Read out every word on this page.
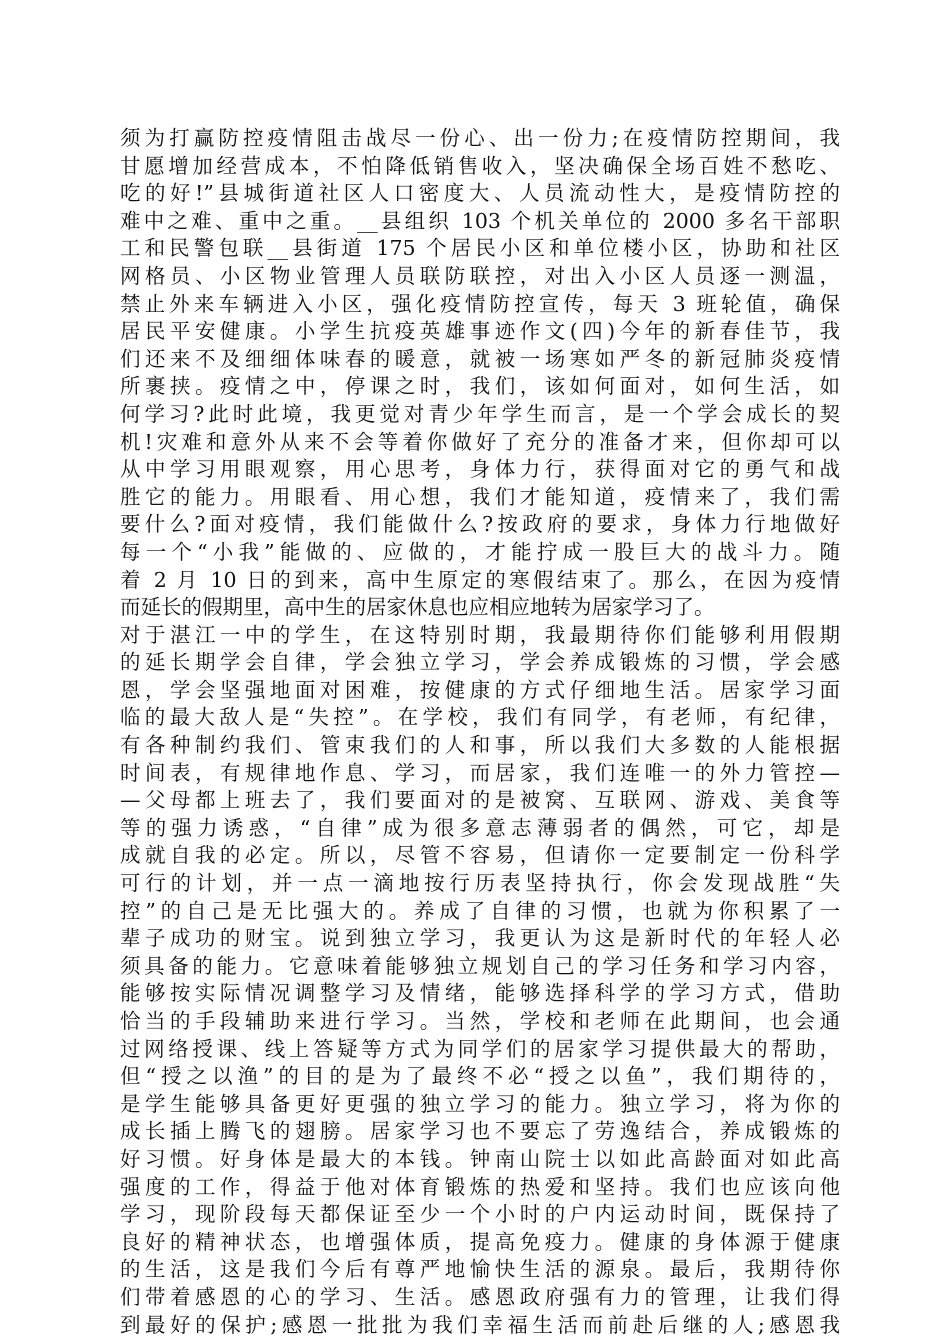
须为打赢防控疫情阻击战尽一份心、出一份力;在疫情防控期间，我
甘愿增加经营成本，不怕降低销售收入，坚决确保全场百姓不愁吃、
吃的好!”县城街道社区人口密度大、人员流动性大，是疫情防控的
难中之难、重中之重。__县组织 103 个机关单位的 2000 多名干部职
工和民警包联__县街道 175 个居民小区和单位楼小区，协助和社区
网格员、小区物业管理人员联防联控，对出入小区人员逐一测温，
禁止外来车辆进入小区，强化疫情防控宣传，每天 3 班轮值，确保
居民平安健康。小学生抗疫英雄事迹作文(四)今年的新春佳节，我
们还来不及细细体味春的暖意，就被一场寒如严冬的新冠肺炎疫情
所裹挟。疫情之中，停课之时，我们，该如何面对，如何生活，如
何学习?此时此境，我更觉对青少年学生而言，是一个学会成长的契
机!灾难和意外从来不会等着你做好了充分的准备才来，但你却可以
从中学习用眼观察，用心思考，身体力行，获得面对它的勇气和战
胜它的能力。用眼看、用心想，我们才能知道，疫情来了，我们需
要什么?面对疫情，我们能做什么?按政府的要求，身体力行地做好
每一个“小我”能做的、应做的，才能拧成一股巨大的战斗力。随
着 2 月 10 日的到来，高中生原定的寒假结束了。那么，在因为疫情
而延长的假期里，高中生的居家休息也应相应地转为居家学习了。
对于湛江一中的学生，在这特别时期，我最期待你们能够利用假期
的延长期学会自律，学会独立学习，学会养成锻炼的习惯，学会感
恩，学会坚强地面对困难，按健康的方式仔细地生活。居家学习面
临的最大敌人是“失控”。在学校，我们有同学，有老师，有纪律，
有各种制约我们、管束我们的人和事，所以我们大多数的人能根据
时间表，有规律地作息、学习，而居家，我们连唯一的外力管控—
—父母都上班去了，我们要面对的是被窝、互联网、游戏、美食等
等的强力诱惑，“自律”成为很多意志薄弱者的偶然，可它，却是
成就自我的必定。所以，尽管不容易，但请你一定要制定一份科学
可行的计划，并一点一滴地按行历表坚持执行，你会发现战胜“失
控”的自己是无比强大的。养成了自律的习惯，也就为你积累了一
辈子成功的财宝。说到独立学习，我更认为这是新时代的年轻人必
须具备的能力。它意味着能够独立规划自己的学习任务和学习内容，
能够按实际情况调整学习及情绪，能够选择科学的学习方式，借助
恰当的手段辅助来进行学习。当然，学校和老师在此期间，也会通
过网络授课、线上答疑等方式为同学们的居家学习提供最大的帮助，
但“授之以渔”的目的是为了最终不必“授之以鱼”，我们期待的，
是学生能够具备更好更强的独立学习的能力。独立学习，将为你的
成长插上腾飞的翅膀。居家学习也不要忘了劳逸结合，养成锻炼的
好习惯。好身体是最大的本钱。钟南山院士以如此高龄面对如此高
强度的工作，得益于他对体育锻炼的热爱和坚持。我们也应该向他
学习，现阶段每天都保证至少一个小时的户内运动时间，既保持了
良好的精神状态，也增强体质，提高免疫力。健康的身体源于健康
的生活，这是我们今后有尊严地愉快生活的源泉。最后，我期待你
们带着感恩的心的学习、生活。感恩政府强有力的管理，让我们得
到最好的保护;感恩一批批为我们幸福生活而前赴后继的人;感恩我
